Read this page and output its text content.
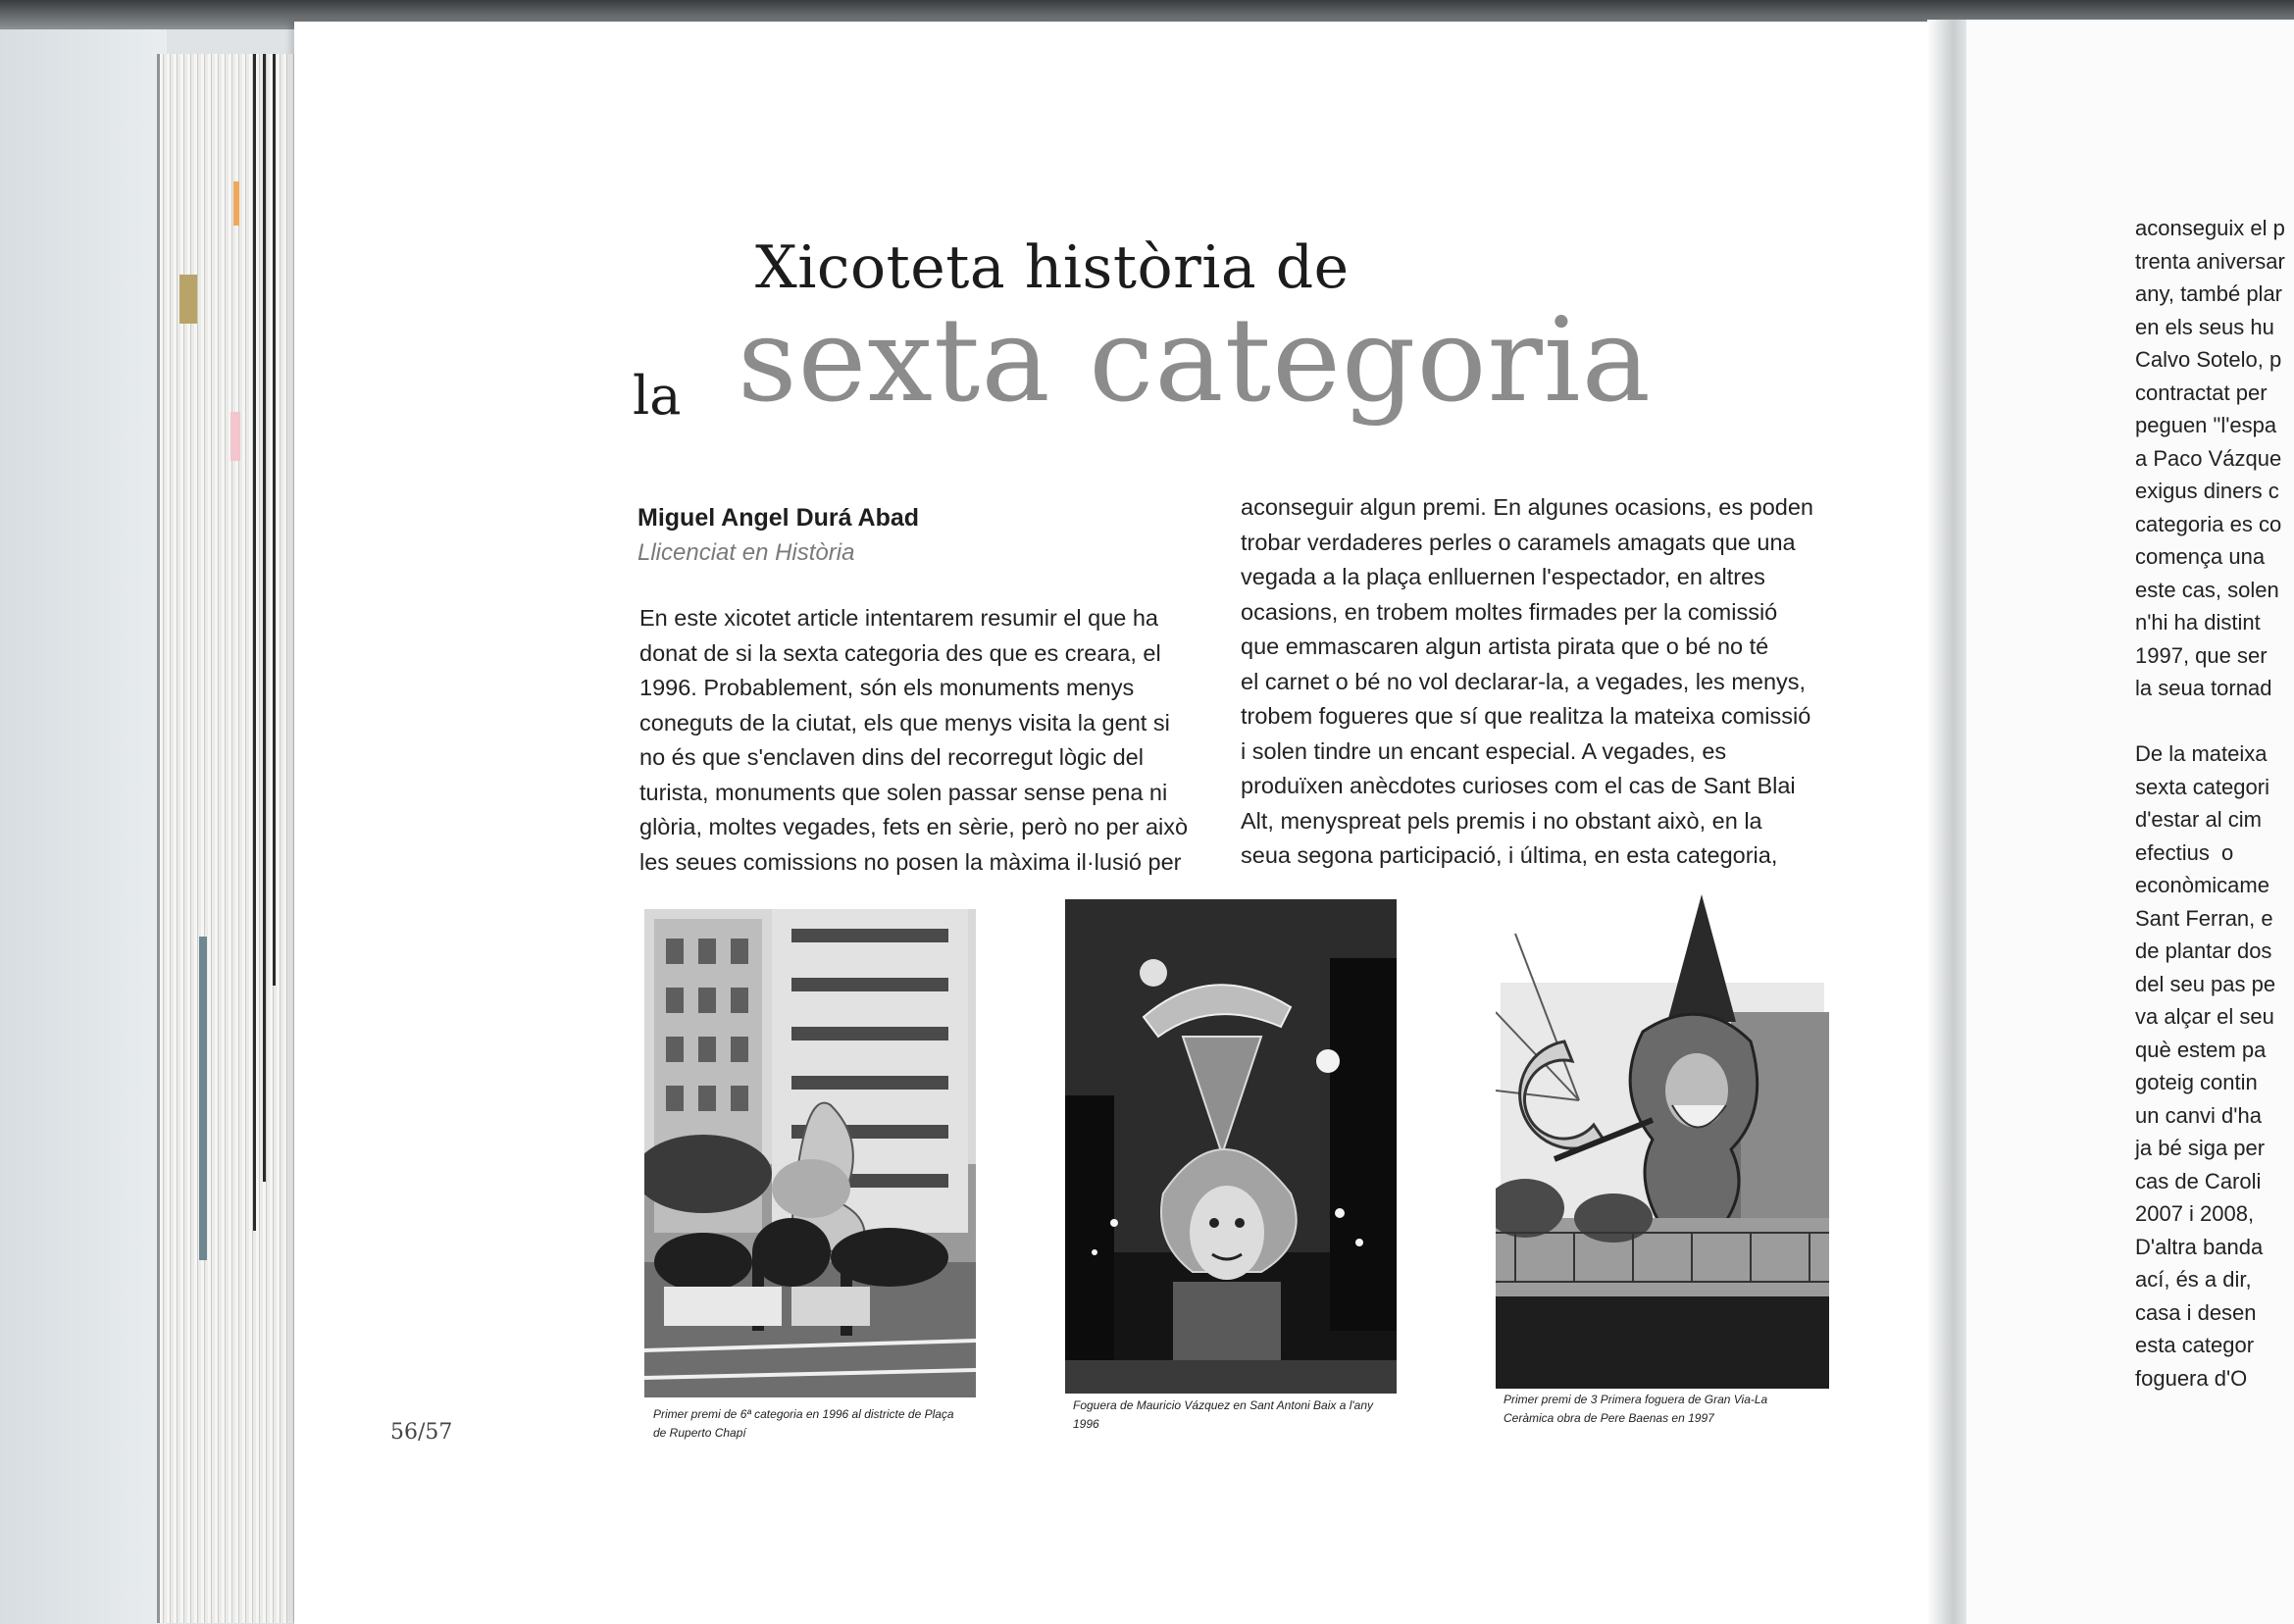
aconseguix el p
trenta aniversar
any, també plar
en els seus hu
Calvo Sotelo, p
contractat per
peguen "l'espa
a Paco Vázque
exigus diners c
categoria es co
comença una
este cas, solen
n'hi ha distint
1997, que ser
la seua tornad

De la mateixa
sexta categori
d'estar al cim
efectius  o
econòmicame
Sant Ferran, e
de plantar dos
del seu pas pe
va alçar el seu
què estem pa
goteig contin
un canvi d'ha
ja bé siga per
cas de Caroli
2007 i 2008,
D'altra banda
ací, és a dir,
casa i desen
esta categor
foguera d'O
Xicoteta història de
la sexta categoria
Miguel Angel Durá Abad
Llicenciat en Història

En este xicotet article intentarem resumir el que ha

donat de si la sexta categoria des que es creara, el

1996. Probablement, són els monuments menys

coneguts de la ciutat, els que menys visita la gent si

no és que s'enclaven dins del recorregut lògic del

turista, monuments que solen passar sense pena ni

glòria, moltes vegades, fets en sèrie, però no per això

les seues comissions no posen la màxima il·lusió per

aconseguir algun premi. En algunes ocasions, es poden

trobar verdaderes perles o caramels amagats que una

vegada a la plaça enlluernen l'espectador, en altres

ocasions, en trobem moltes firmades per la comissió

que emmascaren algun artista pirata que o bé no té

el carnet o bé no vol declarar-la, a vegades, les menys,

trobem fogueres que sí que realitza la mateixa comissió

i solen tindre un encant especial. A vegades, es

produïxen anècdotes curioses com el cas de Sant Blai

Alt, menyspreat pels premis i no obstant això, en la

seua segona participació, i última, en esta categoria,

Primer premi de 6ª categoria en 1996 al districte de Plaça
de Ruperto Chapí
Foguera de Mauricio Vázquez en Sant Antoni Baix a l'any
1996
Primer premi de 3 Primera foguera de Gran Via-La
Ceràmica obra de Pere Baenas en 1997
56/57
